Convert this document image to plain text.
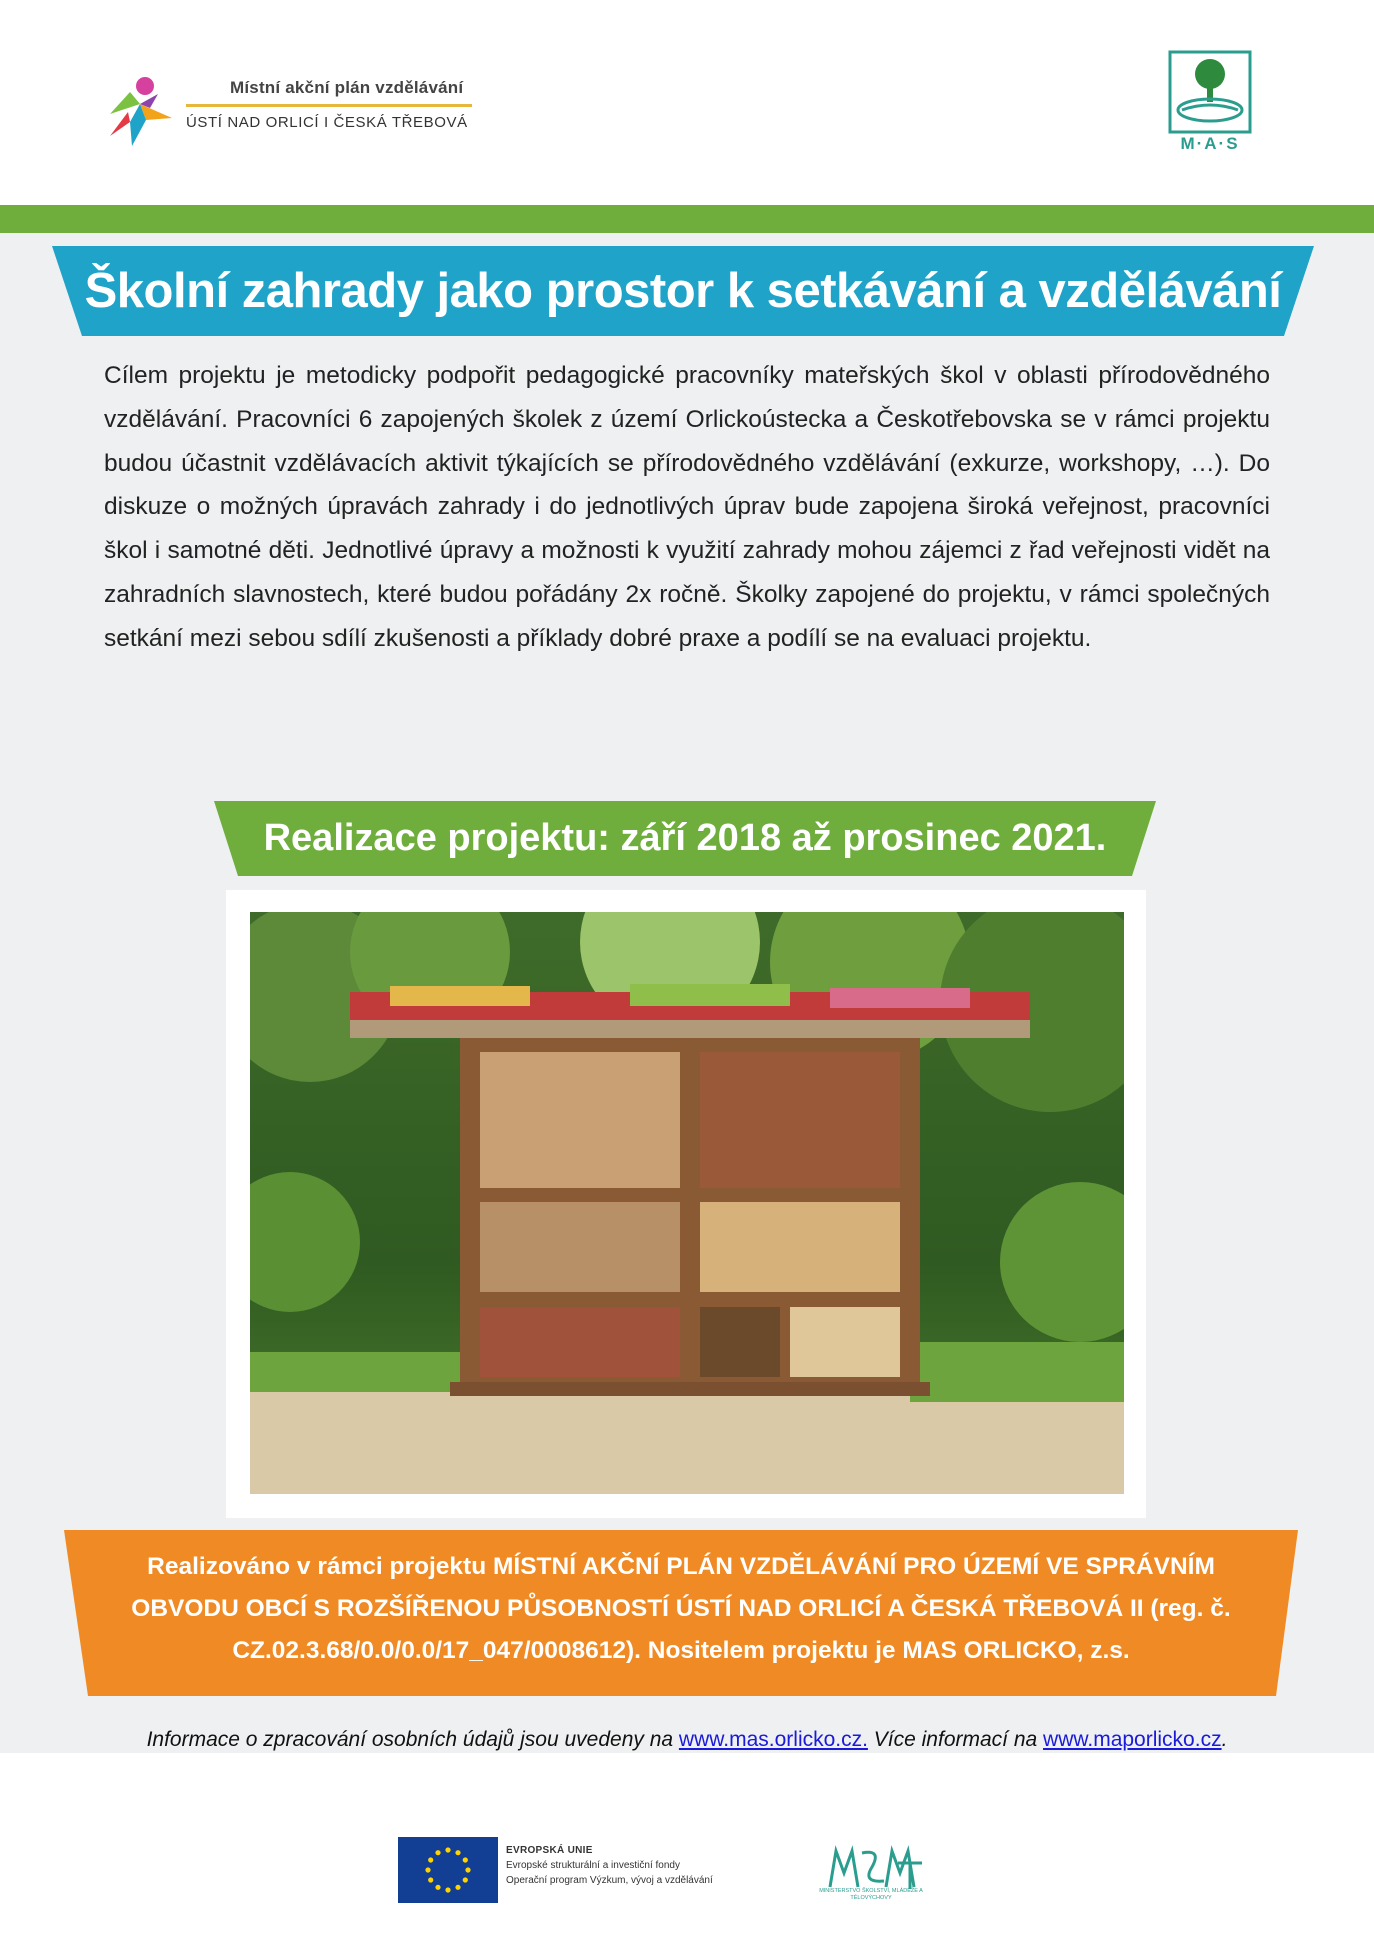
Místní akční plán vzdělávání
ÚSTÍ NAD ORLICÍ I ČESKÁ TŘEBOVÁ
M·A·S
Školní zahrady jako prostor k setkávání a vzdělávání
Cílem projektu je metodicky podpořit pedagogické pracovníky mateřských škol v oblasti přírodovědného vzdělávání. Pracovníci 6 zapojených školek z území Orlickoústecka a Českotřebovska se v rámci projektu budou účastnit vzdělávacích aktivit týkajících se přírodovědného vzdělávání (exkurze, workshopy, …). Do diskuze o možných úpravách zahrady i do jednotlivých úprav bude zapojena široká veřejnost, pracovníci škol i samotné děti. Jednotlivé úpravy a možnosti k využití zahrady mohou zájemci z řad veřejnosti vidět na zahradních slavnostech, které budou pořádány 2x ročně. Školky zapojené do projektu, v rámci společných setkání mezi sebou sdílí zkušenosti a příklady dobré praxe a podílí se na evaluaci projektu.
Realizace projektu: září 2018 až prosinec 2021.
Realizováno v rámci projektu MÍSTNÍ AKČNÍ PLÁN VZDĚLÁVÁNÍ PRO ÚZEMÍ VE SPRÁVNÍM OBVODU OBCÍ S ROZŠÍŘENOU PŮSOBNOSTÍ ÚSTÍ NAD ORLICÍ A ČESKÁ TŘEBOVÁ II (reg. č. CZ.02.3.68/0.0/0.0/17_047/0008612). Nositelem projektu je MAS ORLICKO, z.s.
Informace o zpracování osobních údajů jsou uvedeny na www.mas.orlicko.cz. Více informací na www.maporlicko.cz.
EVROPSKÁ UNIE
Evropské strukturální a investiční fondy
Operační program Výzkum, vývoj a vzdělávání
MINISTERSTVO ŠKOLSTVÍ, MLÁDEŽE A TĚLOVÝCHOVY
